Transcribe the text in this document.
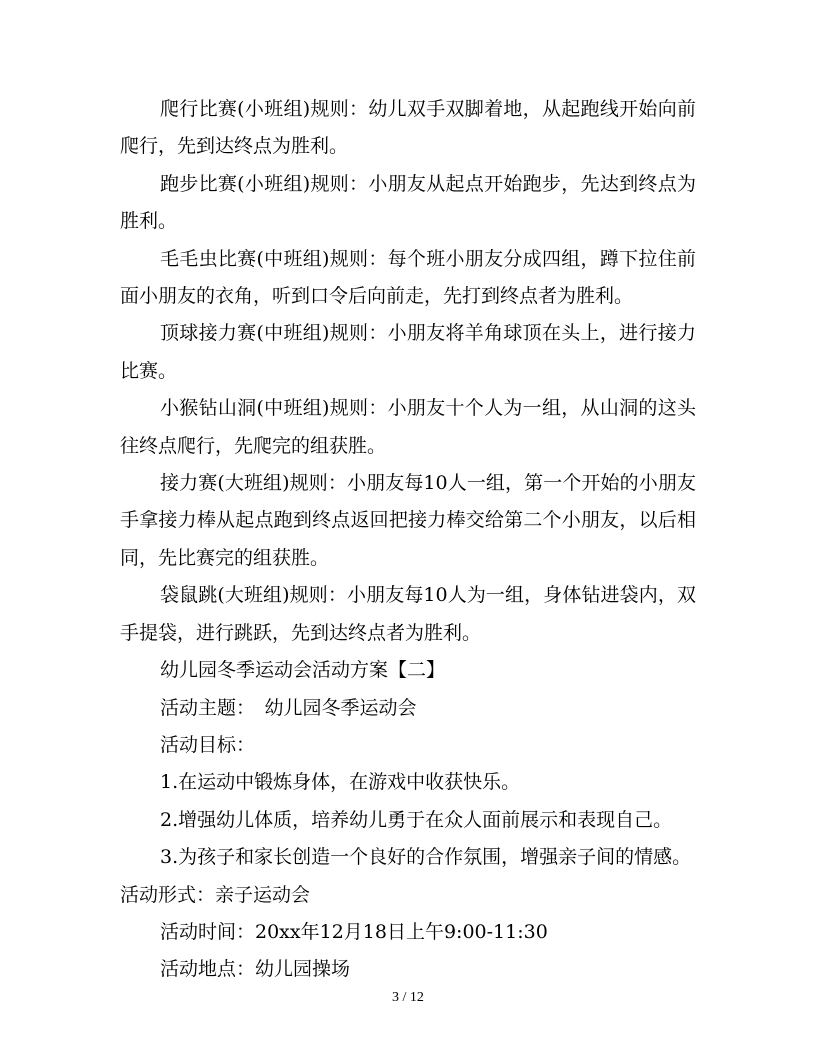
爬行比赛(小班组)规则：幼儿双手双脚着地，从起跑线开始向前爬行，先到达终点为胜利。

跑步比赛(小班组)规则：小朋友从起点开始跑步，先达到终点为胜利。

毛毛虫比赛(中班组)规则：每个班小朋友分成四组，蹲下拉住前面小朋友的衣角，听到口令后向前走，先打到终点者为胜利。

顶球接力赛(中班组)规则：小朋友将羊角球顶在头上，进行接力比赛。

小猴钻山洞(中班组)规则：小朋友十个人为一组，从山洞的这头往终点爬行，先爬完的组获胜。

接力赛(大班组)规则：小朋友每10人一组，第一个开始的小朋友手拿接力棒从起点跑到终点返回把接力棒交给第二个小朋友，以后相同，先比赛完的组获胜。

袋鼠跳(大班组)规则：小朋友每10人为一组，身体钻进袋内，双手提袋，进行跳跃，先到达终点者为胜利。

幼儿园冬季运动会活动方案【二】

活动主题：　幼儿园冬季运动会

活动目标：

1.在运动中锻炼身体，在游戏中收获快乐。

2.增强幼儿体质，培养幼儿勇于在众人面前展示和表现自己。

3.为孩子和家长创造一个良好的合作氛围，增强亲子间的情感。

活动形式：亲子运动会

活动时间：20xx年12月18日上午9:00-11:30

活动地点：幼儿园操场

3 / 12
